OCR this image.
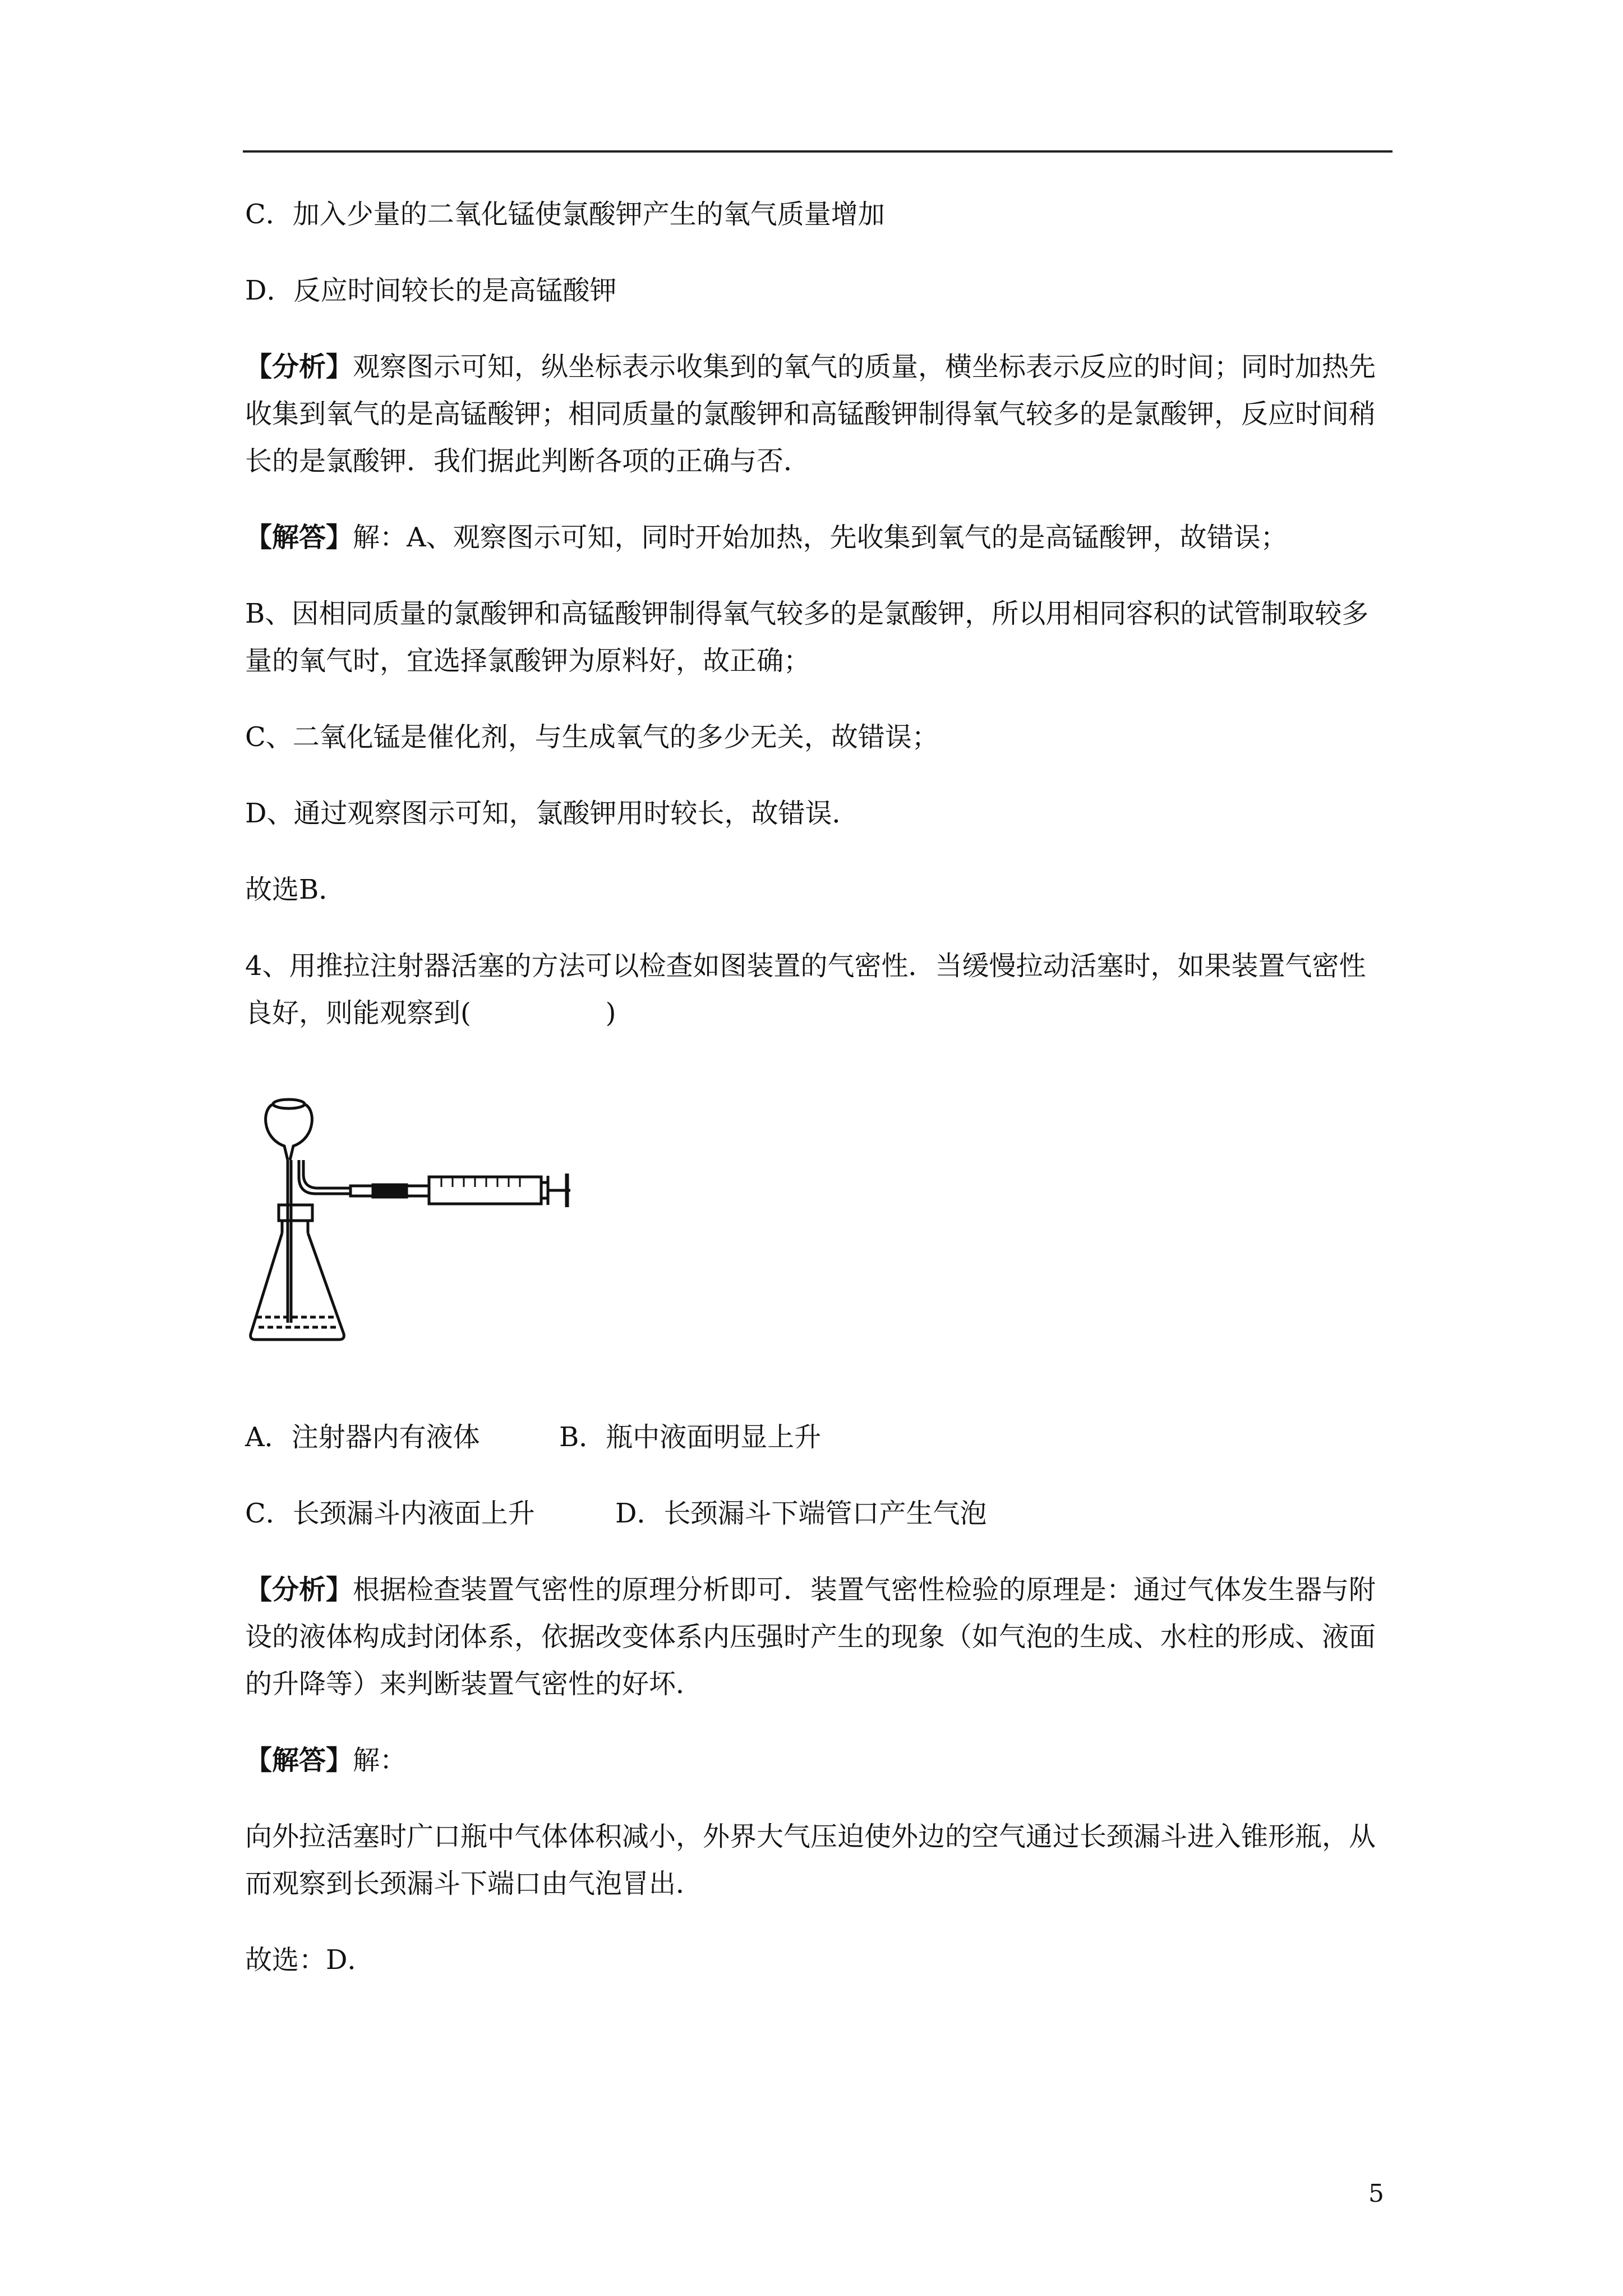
C．加入少量的二氧化锰使氯酸钾产生的氧气质量增加

D．反应时间较长的是高锰酸钾

【分析】观察图示可知，纵坐标表示收集到的氧气的质量，横坐标表示反应的时间；同时加热先收集到氧气的是高锰酸钾；相同质量的氯酸钾和高锰酸钾制得氧气较多的是氯酸钾，反应时间稍长的是氯酸钾．我们据此判断各项的正确与否．

【解答】解：A、观察图示可知，同时开始加热，先收集到氧气的是高锰酸钾，故错误；

B、因相同质量的氯酸钾和高锰酸钾制得氧气较多的是氯酸钾，所以用相同容积的试管制取较多量的氧气时，宜选择氯酸钾为原料好，故正确；

C、二氧化锰是催化剂，与生成氧气的多少无关，故错误；

D、通过观察图示可知，氯酸钾用时较长，故错误．

故选B．

4、用推拉注射器活塞的方法可以检查如图装置的气密性．当缓慢拉动活塞时，如果装置气密性良好，则能观察到(　　　　　)

A．注射器内有液体	B．瓶中液面明显上升
C．长颈漏斗内液面上升	D．长颈漏斗下端管口产生气泡

【分析】根据检查装置气密性的原理分析即可．装置气密性检验的原理是：通过气体发生器与附设的液体构成封闭体系，依据改变体系内压强时产生的现象（如气泡的生成、水柱的形成、液面的升降等）来判断装置气密性的好坏．

【解答】解：

向外拉活塞时广口瓶中气体体积减小，外界大气压迫使外边的空气通过长颈漏斗进入锥形瓶，从而观察到长颈漏斗下端口由气泡冒出．

故选：D．

5
